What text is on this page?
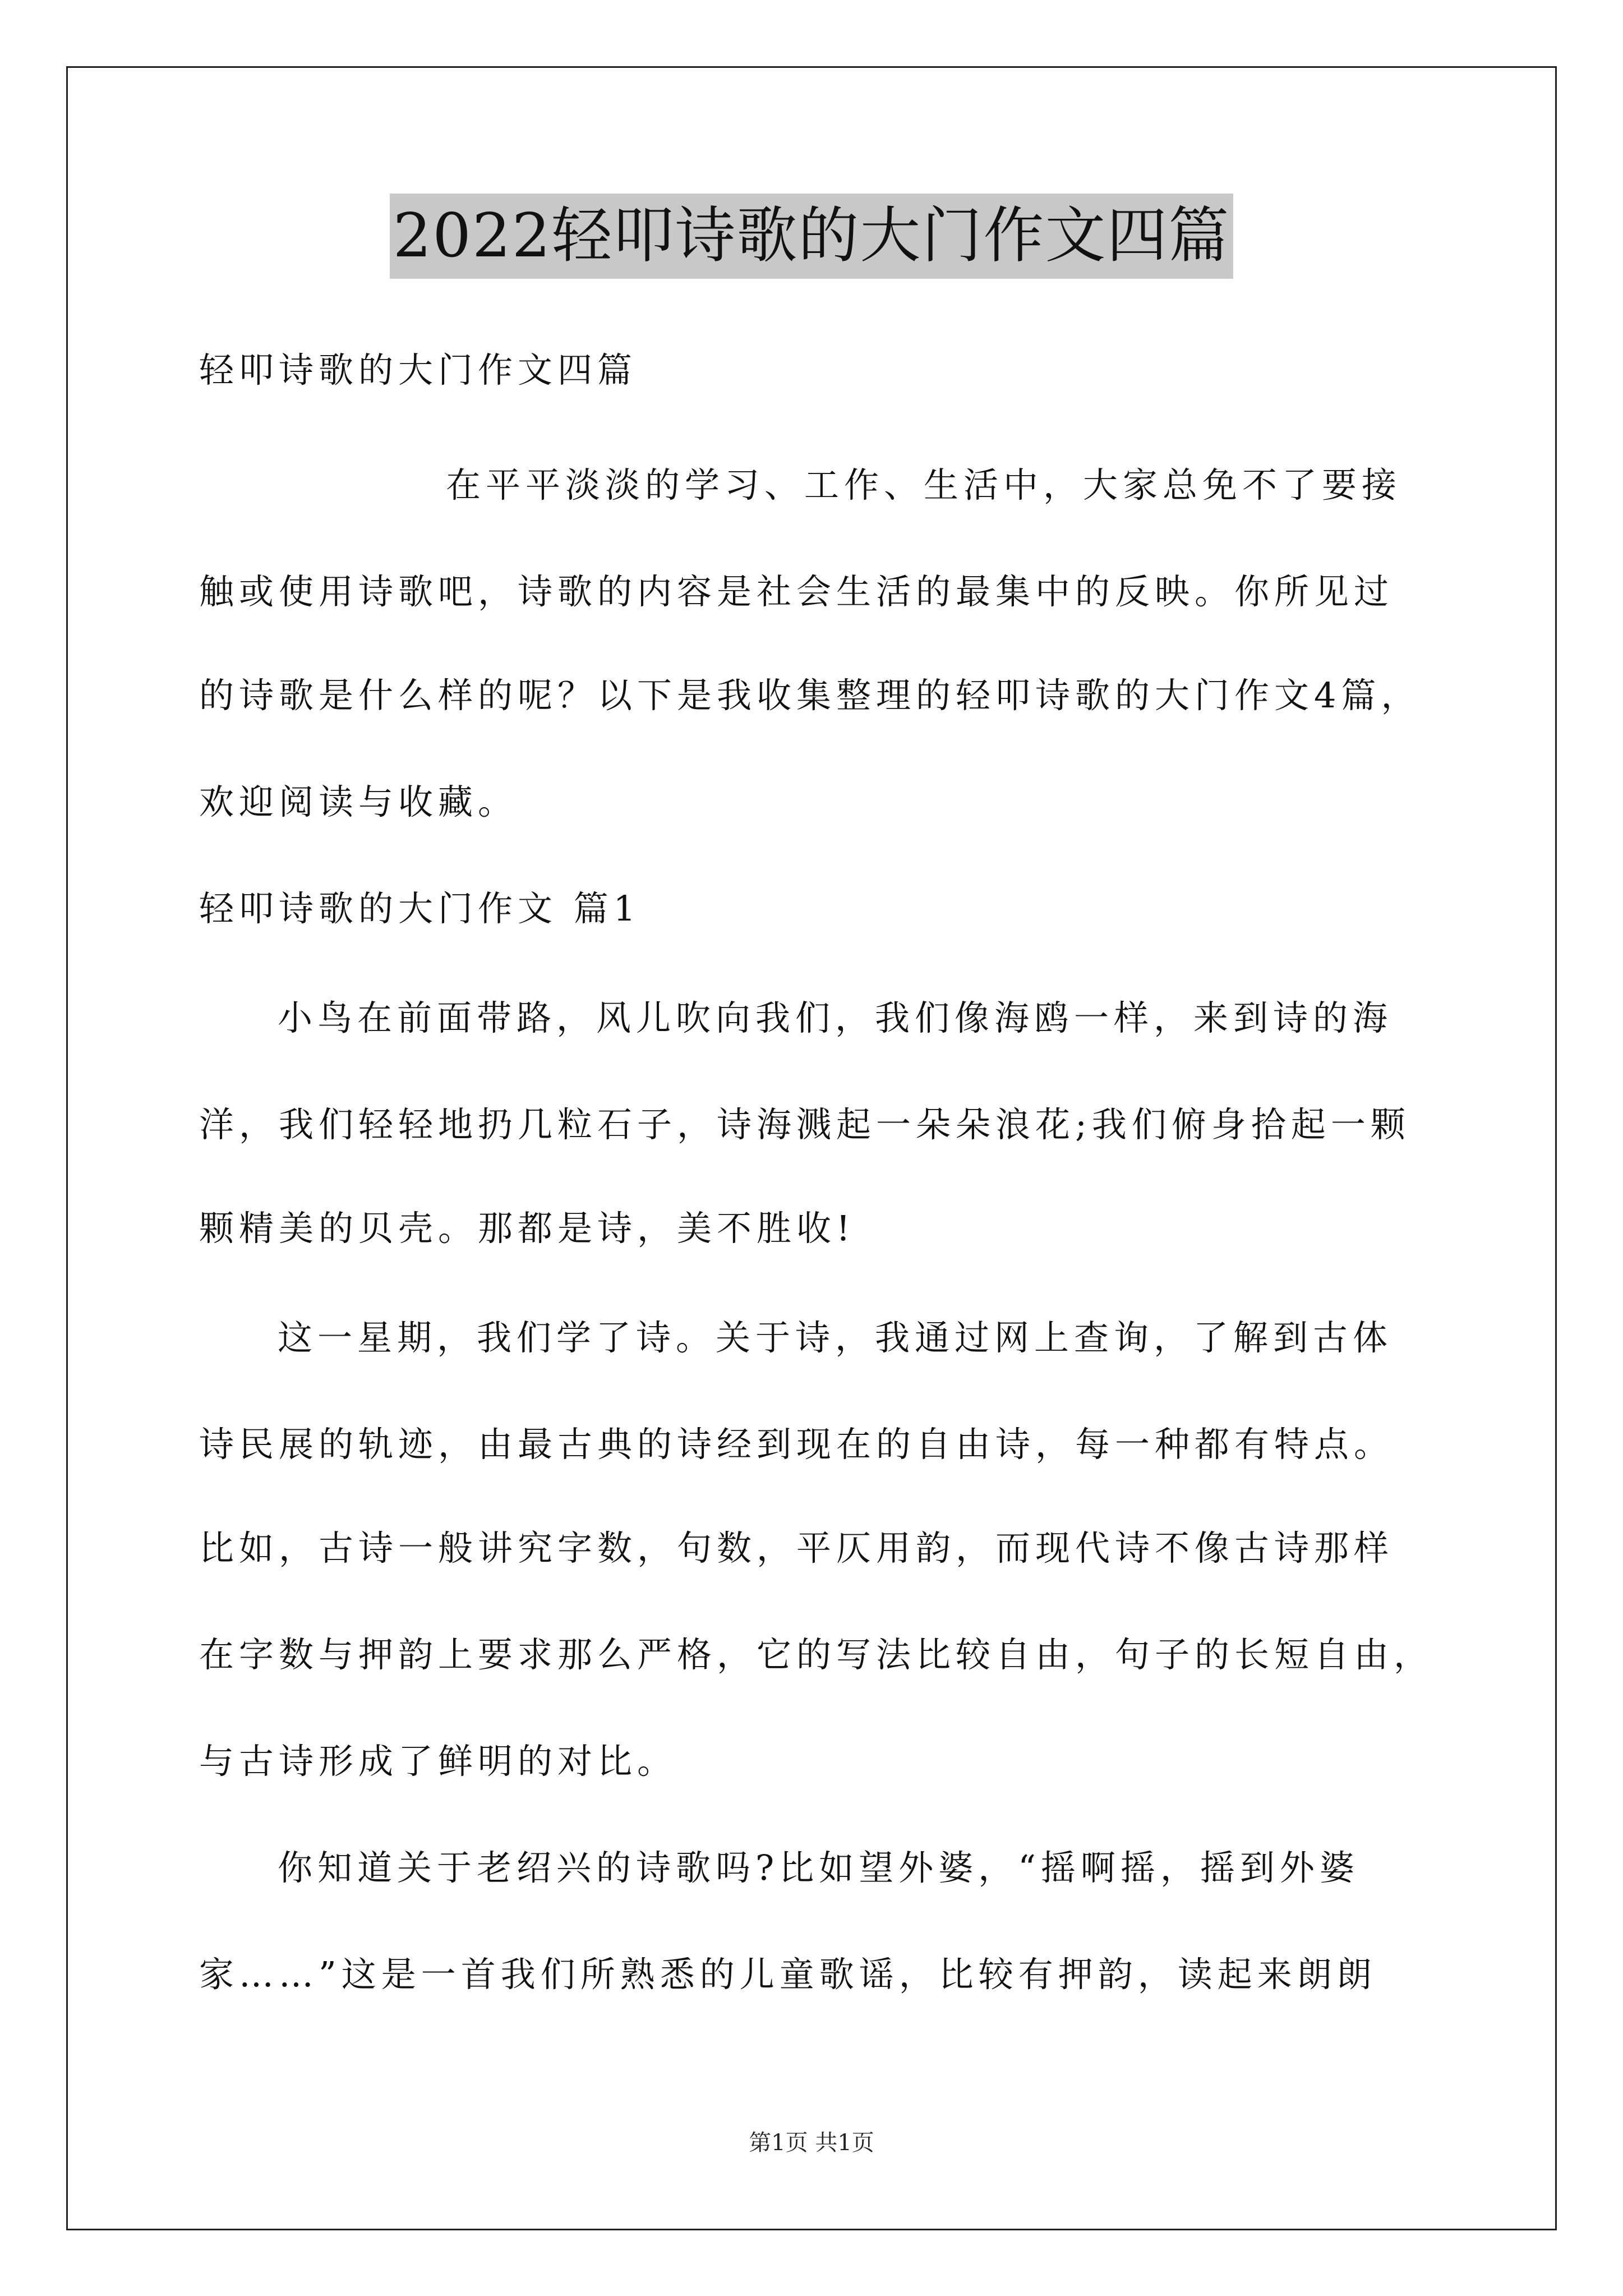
2022轻叩诗歌的大门作文四篇
轻叩诗歌的大门作文四篇
在平平淡淡的学习、工作、生活中，大家总免不了要接
触或使用诗歌吧，诗歌的内容是社会生活的最集中的反映。你所见过
的诗歌是什么样的呢？以下是我收集整理的轻叩诗歌的大门作文4篇，
欢迎阅读与收藏。
轻叩诗歌的大门作文 篇1
小鸟在前面带路，风儿吹向我们，我们像海鸥一样，来到诗的海
洋，我们轻轻地扔几粒石子，诗海溅起一朵朵浪花;我们俯身拾起一颗
颗精美的贝壳。那都是诗，美不胜收!
这一星期，我们学了诗。关于诗，我通过网上查询，了解到古体
诗民展的轨迹，由最古典的诗经到现在的自由诗，每一种都有特点。
比如，古诗一般讲究字数，句数，平仄用韵，而现代诗不像古诗那样
在字数与押韵上要求那么严格，它的写法比较自由，句子的长短自由，
与古诗形成了鲜明的对比。
你知道关于老绍兴的诗歌吗?比如望外婆，“摇啊摇，摇到外婆
家……”这是一首我们所熟悉的儿童歌谣，比较有押韵，读起来朗朗
第1页 共1页
